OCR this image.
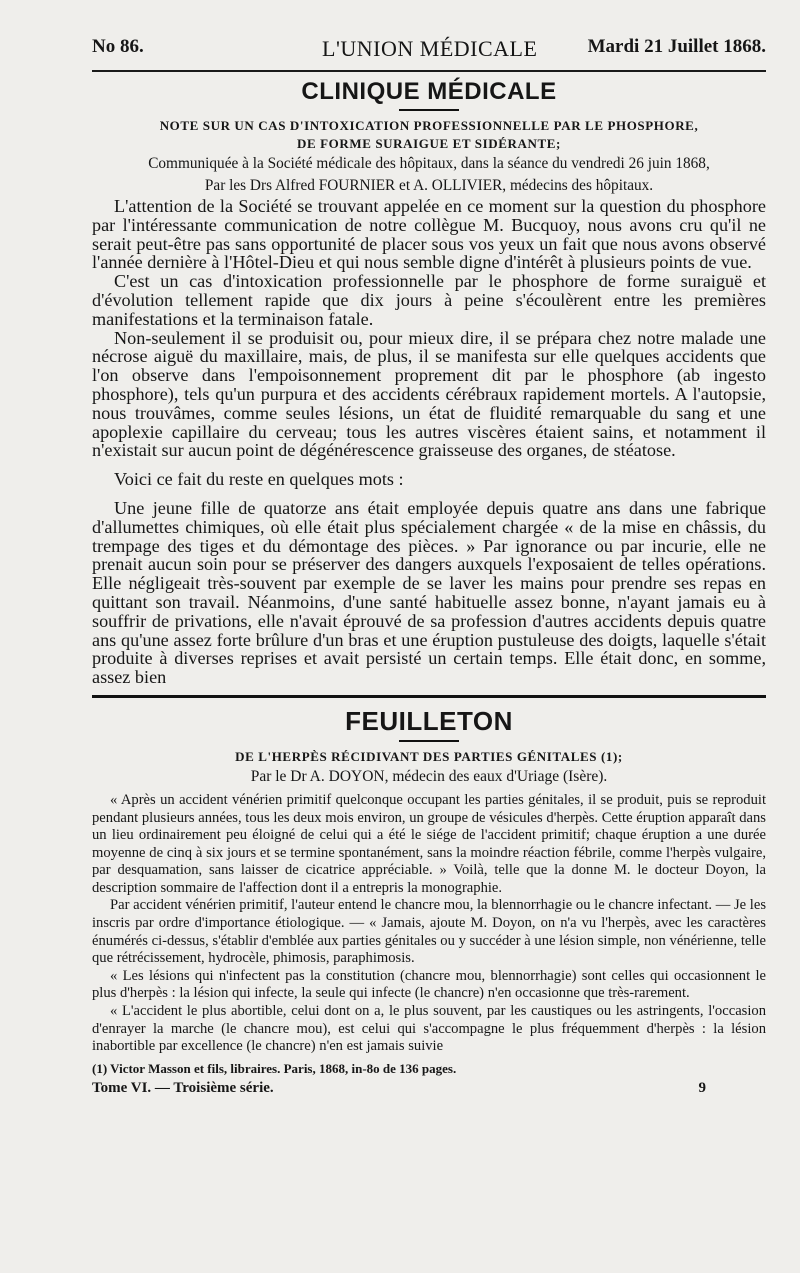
No 86.	L'UNION MÉDICALE	Mardi 21 Juillet 1868.
CLINIQUE MÉDICALE

NOTE SUR UN CAS D'INTOXICATION PROFESSIONNELLE PAR LE PHOSPHORE,

DE FORME SURAIGUE ET SIDÉRANTE;

Communiquée à la Société médicale des hôpitaux, dans la séance du vendredi 26 juin 1868,

Par les Drs Alfred FOURNIER et A. OLLIVIER, médecins des hôpitaux.

L'attention de la Société se trouvant appelée en ce moment sur la question du phosphore par l'intéressante communication de notre collègue M. Bucquoy, nous avons cru qu'il ne serait peut-être pas sans opportunité de placer sous vos yeux un fait que nous avons observé l'année dernière à l'Hôtel-Dieu et qui nous semble digne d'intérêt à plusieurs points de vue.

C'est un cas d'intoxication professionnelle par le phosphore de forme suraiguë et d'évolution tellement rapide que dix jours à peine s'écoulèrent entre les premières manifestations et la terminaison fatale.

Non-seulement il se produisit ou, pour mieux dire, il se prépara chez notre malade une nécrose aiguë du maxillaire, mais, de plus, il se manifesta sur elle quelques accidents que l'on observe dans l'empoisonnement proprement dit par le phosphore (ab ingesto phosphore), tels qu'un purpura et des accidents cérébraux rapidement mortels. A l'autopsie, nous trouvâmes, comme seules lésions, un état de fluidité remarquable du sang et une apoplexie capillaire du cerveau; tous les autres viscères étaient sains, et notamment il n'existait sur aucun point de dégénérescence graisseuse des organes, de stéatose.

Voici ce fait du reste en quelques mots :

Une jeune fille de quatorze ans était employée depuis quatre ans dans une fabrique d'allumettes chimiques, où elle était plus spécialement chargée « de la mise en châssis, du trempage des tiges et du démontage des pièces. » Par ignorance ou par incurie, elle ne prenait aucun soin pour se préserver des dangers auxquels l'exposaient de telles opérations. Elle négligeait très-souvent par exemple de se laver les mains pour prendre ses repas en quittant son travail. Néanmoins, d'une santé habituelle assez bonne, n'ayant jamais eu à souffrir de privations, elle n'avait éprouvé de sa profession d'autres accidents depuis quatre ans qu'une assez forte brûlure d'un bras et une éruption pustuleuse des doigts, laquelle s'était produite à diverses reprises et avait persisté un certain temps. Elle était donc, en somme, assez bien

FEUILLETON

DE L'HERPÈS RÉCIDIVANT DES PARTIES GÉNITALES (1);

Par le Dr A. DOYON, médecin des eaux d'Uriage (Isère).

« Après un accident vénérien primitif quelconque occupant les parties génitales, il se produit, puis se reproduit pendant plusieurs années, tous les deux mois environ, un groupe de vésicules d'herpès. Cette éruption apparaît dans un lieu ordinairement peu éloigné de celui qui a été le siége de l'accident primitif; chaque éruption a une durée moyenne de cinq à six jours et se termine spontanément, sans la moindre réaction fébrile, comme l'herpès vulgaire, par desquamation, sans laisser de cicatrice appréciable. » Voilà, telle que la donne M. le docteur Doyon, la description sommaire de l'affection dont il a entrepris la monographie.

Par accident vénérien primitif, l'auteur entend le chancre mou, la blennorrhagie ou le chancre infectant. — Je les inscris par ordre d'importance étiologique. — « Jamais, ajoute M. Doyon, on n'a vu l'herpès, avec les caractères énumérés ci-dessus, s'établir d'emblée aux parties génitales ou y succéder à une lésion simple, non vénérienne, telle que rétrécissement, hydrocèle, phimosis, paraphimosis.

« Les lésions qui n'infectent pas la constitution (chancre mou, blennorrhagie) sont celles qui occasionnent le plus d'herpès : la lésion qui infecte, la seule qui infecte (le chancre) n'en occasionne que très-rarement.

« L'accident le plus abortible, celui dont on a, le plus souvent, par les caustiques ou les astringents, l'occasion d'enrayer la marche (le chancre mou), est celui qui s'accompagne le plus fréquemment d'herpès : la lésion inabortible par excellence (le chancre) n'en est jamais suivie

(1) Victor Masson et fils, libraires. Paris, 1868, in-8o de 136 pages.

Tome VI. — Troisième série.	9
